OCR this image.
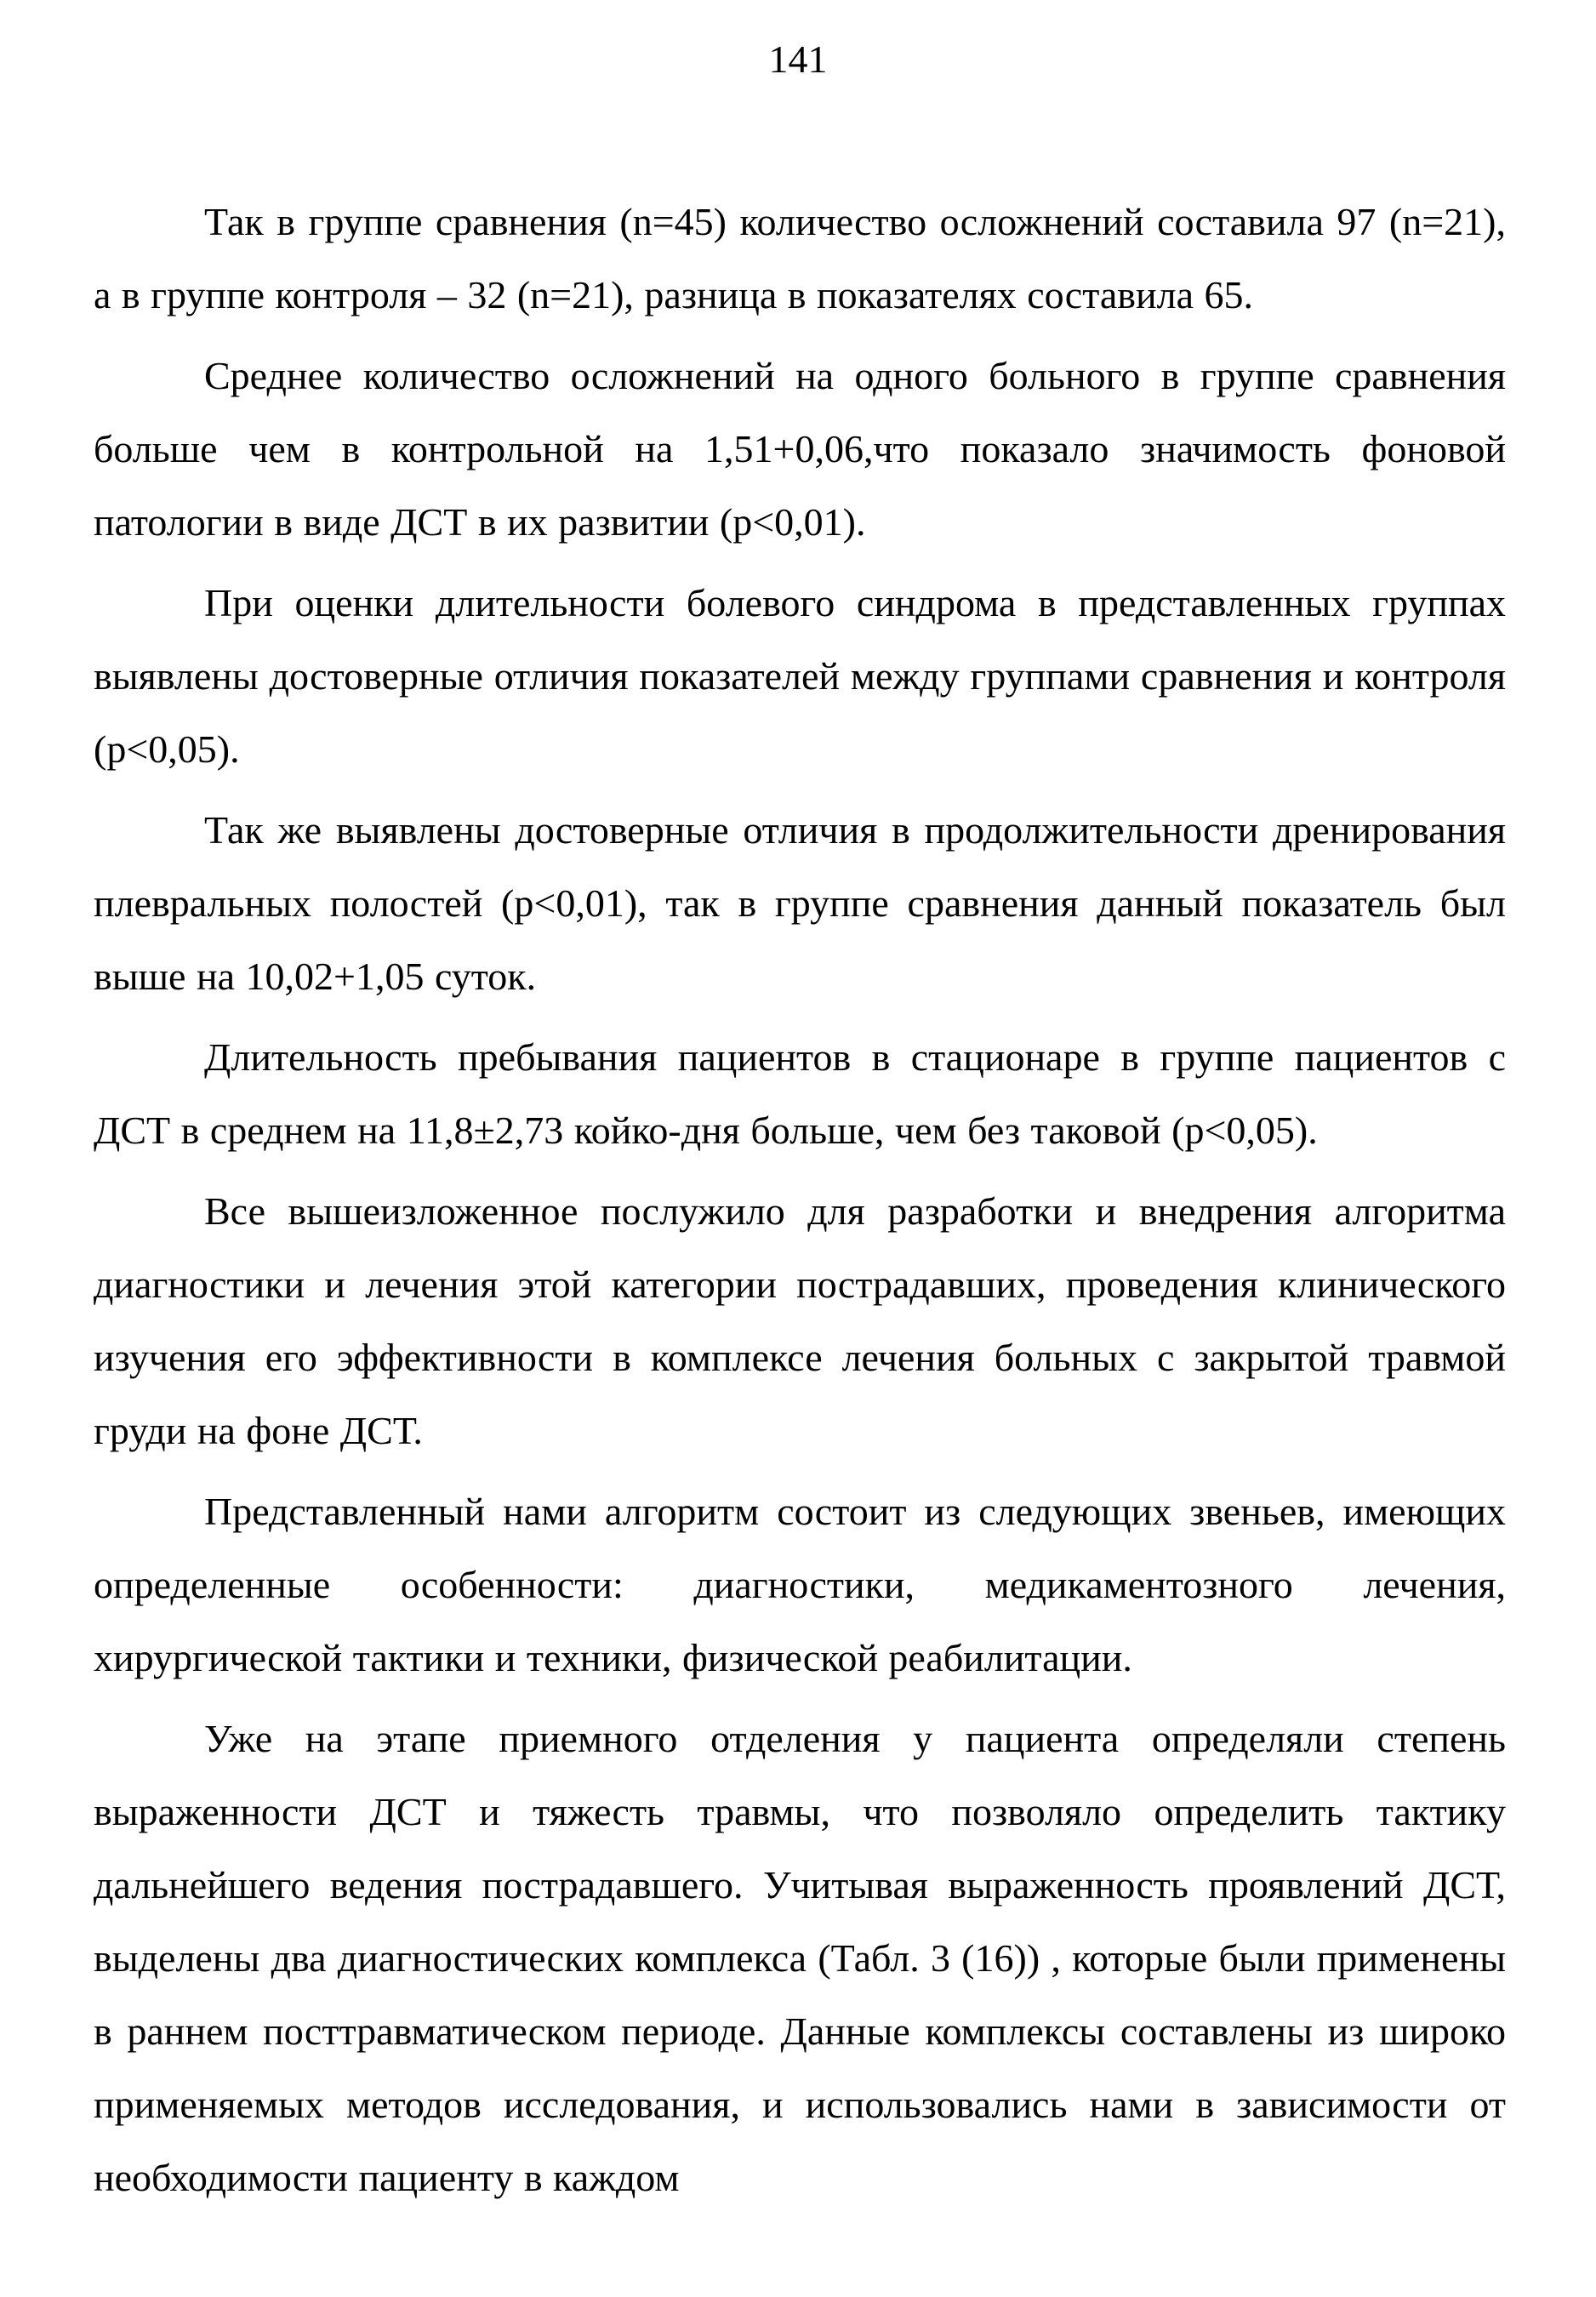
141

Так в группе сравнения (n=45) количество осложнений составила 97 (n=21), а в группе контроля – 32 (n=21), разница в показателях составила 65.

Среднее количество осложнений на одного больного в группе сравнения больше чем в контрольной на 1,51+0,06,что показало значимость фоновой патологии в виде ДСТ в их развитии (p<0,01).

При оценки длительности болевого синдрома в представленных группах выявлены достоверные отличия показателей между группами сравнения и контроля (p<0,05).

Так же выявлены достоверные отличия в продолжительности дренирования плевральных полостей (p<0,01), так в группе сравнения данный показатель был выше на 10,02+1,05 суток.

Длительность пребывания пациентов в стационаре в группе пациентов с ДСТ в среднем на 11,8±2,73 койко-дня больше, чем без таковой (p<0,05).

Все вышеизложенное послужило для разработки и внедрения алгоритма диагностики и лечения этой категории пострадавших, проведения клинического изучения его эффективности в комплексе лечения больных с закрытой травмой груди на фоне ДСТ.

Представленный нами алгоритм состоит из следующих звеньев, имеющих определенные особенности: диагностики, медикаментозного лечения, хирургической тактики и техники, физической реабилитации.

Уже на этапе приемного отделения у пациента определяли степень выраженности ДСТ и тяжесть травмы, что позволяло определить тактику дальнейшего ведения пострадавшего. Учитывая выраженность проявлений ДСТ, выделены два диагностических комплекса (Табл. 3 (16)) , которые были применены в раннем посттравматическом периоде. Данные комплексы составлены из широко применяемых методов исследования, и использовались нами в зависимости от необходимости пациенту в каждом
